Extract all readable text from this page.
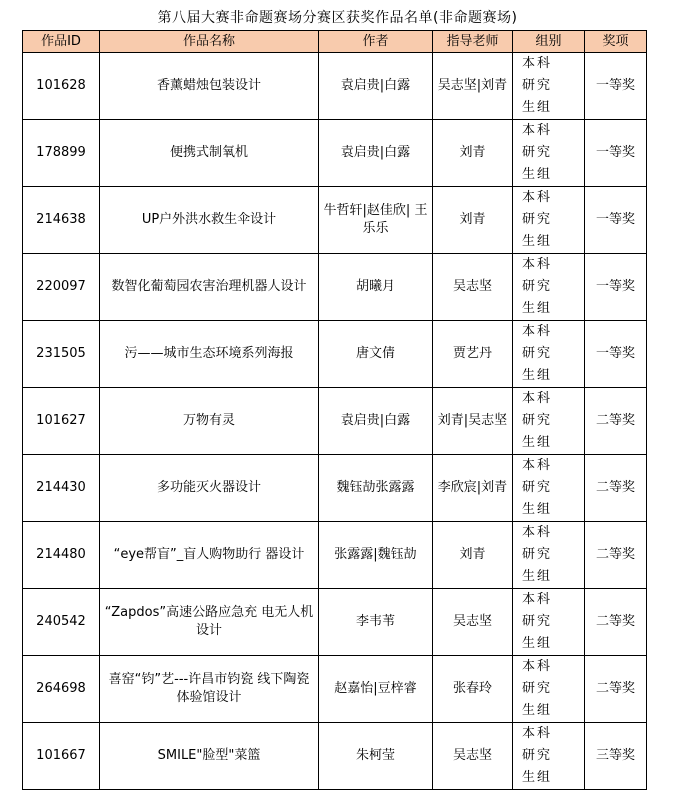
第八届大赛非命题赛场分赛区获奖作品名单(非命题赛场)
作品ID	作品名称	作者	指导老师	组别	奖项
101628	香薰蜡烛包装设计	袁启贵|白露	吴志坚|刘青	本科研究 生组	一等奖
178899	便携式制氧机	袁启贵|白露	刘青	本科研究 生组	一等奖
214638	UP户外洪水救生伞设计	牛哲轩|赵佳欣| 王乐乐	刘青	本科研究 生组	一等奖
220097	数智化葡萄园农害治理机器人设计	胡曦月	吴志坚	本科研究 生组	一等奖
231505	污——城市生态环境系列海报	唐文倩	贾艺丹	本科研究 生组	一等奖
101627	万物有灵	袁启贵|白露	刘青|吴志坚	本科研究 生组	二等奖
214430	多功能灭火器设计	魏钰劼张露露	李欣宸|刘青	本科研究 生组	二等奖
214480	“eye帮盲”_盲人购物助行 器设计	张露露|魏钰劼	刘青	本科研究 生组	二等奖
240542	“Zapdos”高速公路应急充 电无人机设计	李韦苇	吴志坚	本科研究 生组	二等奖
264698	喜窑“钧”艺---许昌市钧瓷 线下陶瓷体验馆设计	赵嘉怡|豆梓睿	张春玲	本科研究 生组	二等奖
101667	SMILE"脸型"菜篮	朱柯莹	吴志坚	本科研究 生组	三等奖
